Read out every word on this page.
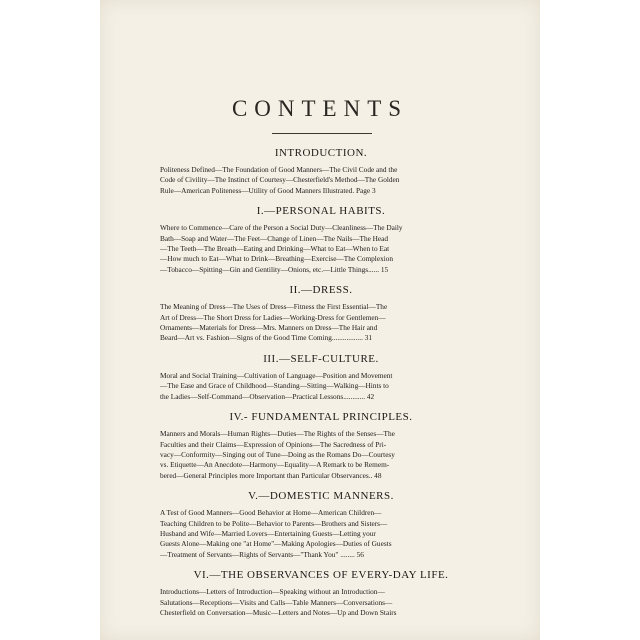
CONTENTS
INTRODUCTION.
Politeness Defined—The Foundation of Good Manners—The Civil Code and the
Code of Civility—The Instinct of Courtesy—Chesterfield's Method—The Golden
Rule—American Politeness—Utility of Good Manners Illustrated. Page 3
I.—PERSONAL HABITS.
Where to Commence—Care of the Person a Social Duty—Cleanliness—The Daily
Bath—Soap and Water—The Feet—Change of Linen—The Nails—The Head
—The Teeth—The Breath—Eating and Drinking—What to Eat—When to Eat
—How much to Eat—What to Drink—Breathing—Exercise—The Complexion
—Tobacco—Spitting—Gin and Gentility—Onions, etc.—Little Things...... 15
II.—DRESS.
The Meaning of Dress—The Uses of Dress—Fitness the First Essential—The
Art of Dress—The Short Dress for Ladies—Working-Dress for Gentlemen—
Ornaments—Materials for Dress—Mrs. Manners on Dress—The Hair and
Beard—Art vs. Fashion—Signs of the Good Time Coming................. 31
III.—SELF-CULTURE.
Moral and Social Training—Cultivation of Language—Position and Movement
—The Ease and Grace of Childhood—Standing—Sitting—Walking—Hints to
the Ladies—Self-Command—Observation—Practical Lessons............ 42
IV.- FUNDAMENTAL PRINCIPLES.
Manners and Morals—Human Rights—Duties—The Rights of the Senses—The
Faculties and their Claims—Expression of Opinions—The Sacredness of Pri-
vacy—Conformity—Singing out of Tune—Doing as the Romans Do—Courtesy
vs. Etiquette—An Anecdote—Harmony—Equality—A Remark to be Remem-
bered—General Principles more Important than Particular Observances.. 48
V.—DOMESTIC MANNERS.
A Test of Good Manners—Good Behavior at Home—American Children—
Teaching Children to be Polite—Behavior to Parents—Brothers and Sisters—
Husband and Wife—Married Lovers—Entertaining Guests—Letting your
Guests Alone—Making one "at Home"—Making Apologies—Duties of Guests
—Treatment of Servants—Rights of Servants—"Thank You" ........ 56
VI.—THE OBSERVANCES OF EVERY-DAY LIFE.
Introductions—Letters of Introduction—Speaking without an Introduction—
Salutations—Receptions—Visits and Calls—Table Manners—Conversations—
Chesterfield on Conversation—Music—Letters and Notes—Up and Down Stairs
